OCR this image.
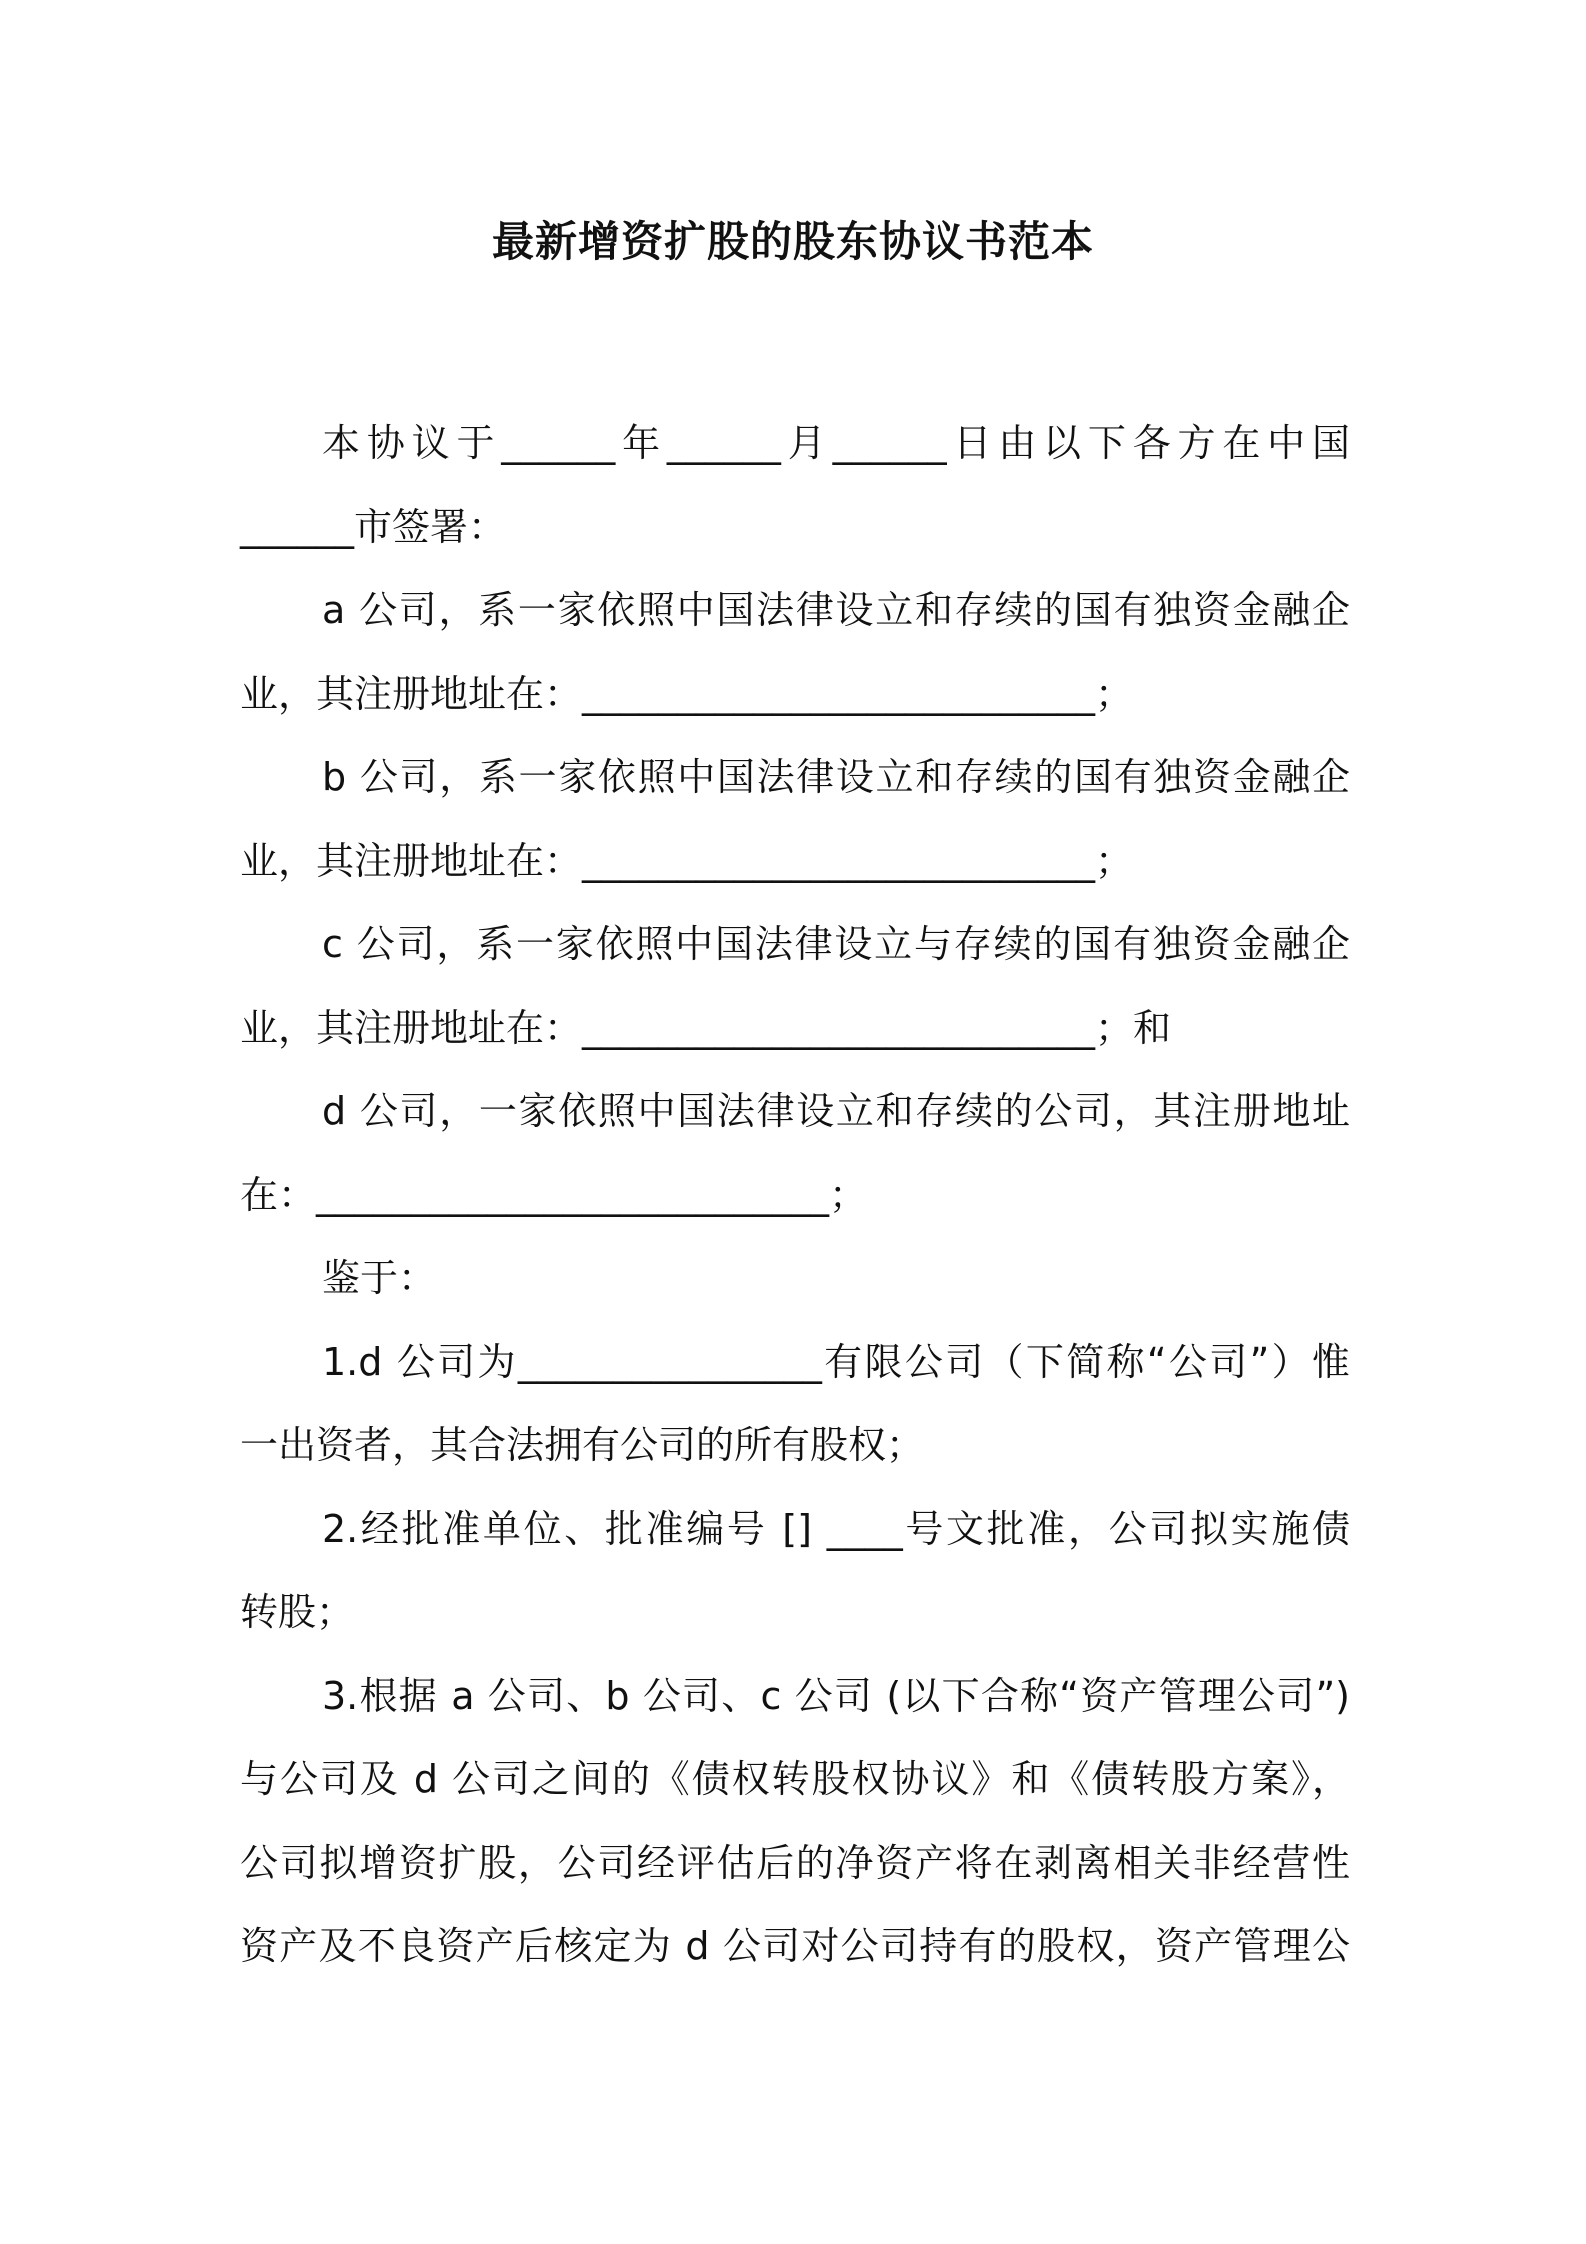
最新增资扩股的股东协议书范本
本协议于______年______月______日由以下各方在中国
______市签署：
a 公司，系一家依照中国法律设立和存续的国有独资金融企
业，其注册地址在：___________________________；
b 公司，系一家依照中国法律设立和存续的国有独资金融企
业，其注册地址在：___________________________；
c 公司，系一家依照中国法律设立与存续的国有独资金融企
业，其注册地址在：___________________________；和
d 公司，一家依照中国法律设立和存续的公司，其注册地址
在：___________________________；
鉴于：
1.d 公司为________________有限公司（下简称“公司”）惟
一出资者，其合法拥有公司的所有股权；
2.经批准单位、批准编号 [] ____号文批准，公司拟实施债
转股；
3.根据 a 公司、b 公司、c 公司 (以下合称“资产管理公司”)
与公司及 d 公司之间的《债权转股权协议》和《债转股方案》，
公司拟增资扩股，公司经评估后的净资产将在剥离相关非经营性
资产及不良资产后核定为 d 公司对公司持有的股权，资产管理公
